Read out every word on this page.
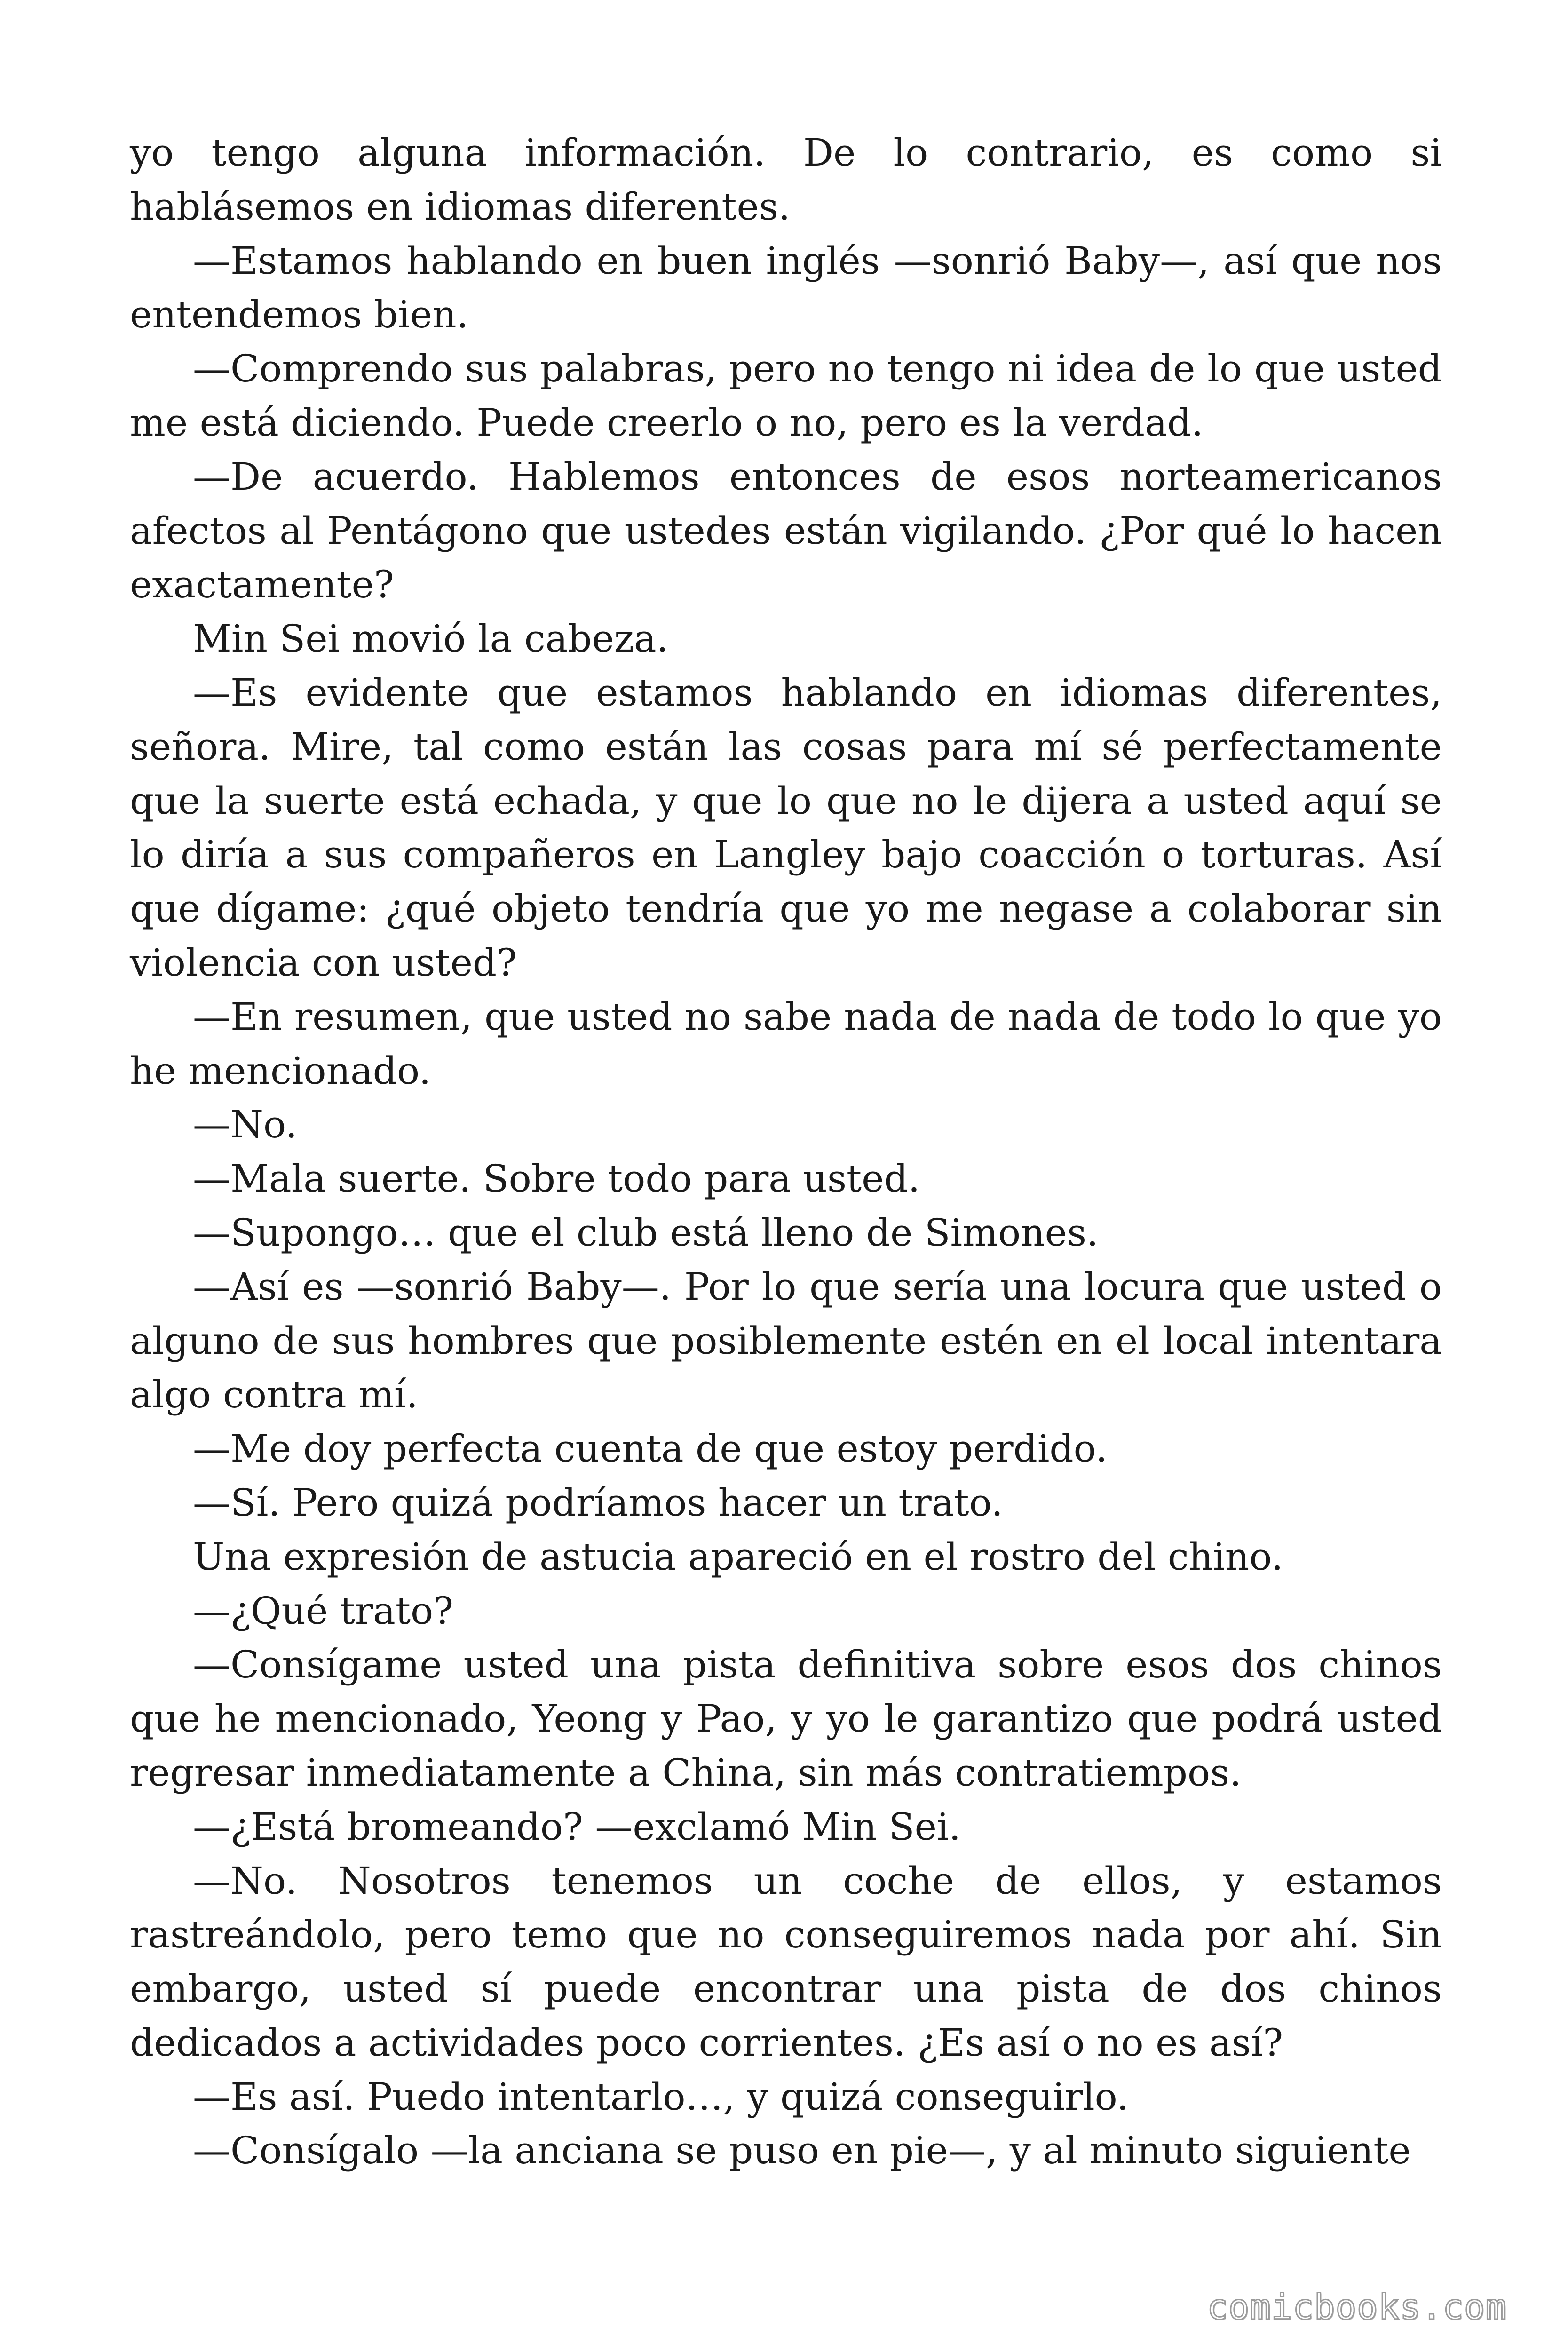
yo tengo alguna información. De lo contrario, es como si hablásemos en idiomas diferentes.

—Estamos hablando en buen inglés —sonrió Baby—, así que nos entendemos bien.

—Comprendo sus palabras, pero no tengo ni idea de lo que usted me está diciendo. Puede creerlo o no, pero es la verdad.

—De acuerdo. Hablemos entonces de esos norteamericanos afectos al Pentágono que ustedes están vigilando. ¿Por qué lo hacen exactamente?

Min Sei movió la cabeza.

—Es evidente que estamos hablando en idiomas diferentes, señora. Mire, tal como están las cosas para mí sé perfectamente que la suerte está echada, y que lo que no le dijera a usted aquí se lo diría a sus compañeros en Langley bajo coacción o torturas. Así que dígame: ¿qué objeto tendría que yo me negase a colaborar sin violencia con usted?

—En resumen, que usted no sabe nada de nada de todo lo que yo he mencionado.

—No.

—Mala suerte. Sobre todo para usted.

—Supongo… que el club está lleno de Simones.

—Así es —sonrió Baby—. Por lo que sería una locura que usted o alguno de sus hombres que posiblemente estén en el local intentara algo contra mí.

—Me doy perfecta cuenta de que estoy perdido.

—Sí. Pero quizá podríamos hacer un trato.

Una expresión de astucia apareció en el rostro del chino.

—¿Qué trato?

—Consígame usted una pista definitiva sobre esos dos chinos que he mencionado, Yeong y Pao, y yo le garantizo que podrá usted regresar inmediatamente a China, sin más contratiempos.

—¿Está bromeando? —exclamó Min Sei.

—No. Nosotros tenemos un coche de ellos, y estamos rastreándolo, pero temo que no conseguiremos nada por ahí. Sin embargo, usted sí puede encontrar una pista de dos chinos dedicados a actividades poco corrientes. ¿Es así o no es así?

—Es así. Puedo intentarlo…, y quizá conseguirlo.

—Consígalo —la anciana se puso en pie—, y al minuto siguiente

comicbooks.com
